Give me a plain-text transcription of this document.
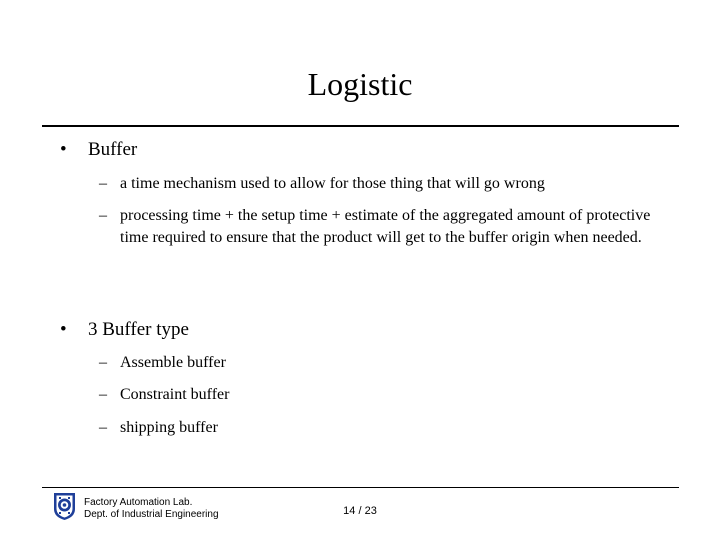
Logistic
• Buffer
– a time mechanism used to allow for those thing that will go wrong
– processing time + the setup time + estimate of the aggregated amount of protective time required to ensure that the product will get to the buffer origin when needed.
• 3 Buffer type
– Assemble buffer
– Constraint buffer
– shipping buffer
Factory Automation Lab.
Dept. of Industrial Engineering	14 / 23
